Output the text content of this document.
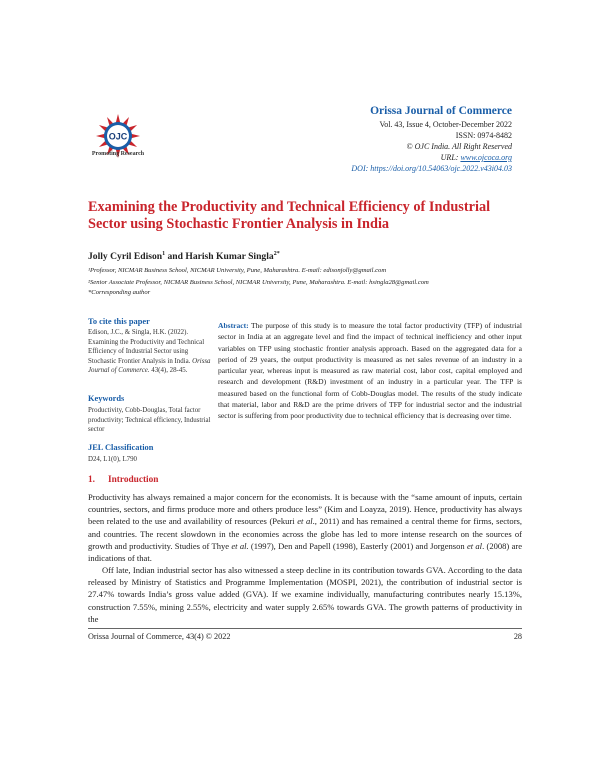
OJC
Promoting Research
Orissa Journal of Commerce
Vol. 43, Issue 4, October-December 2022
ISSN: 0974-8482
© OJC India. All Right Reserved
URL: www.ojcoca.org
DOI: https://doi.org/10.54063/ojc.2022.v43i04.03
Examining the Productivity and Technical Efficiency of Industrial Sector using Stochastic Frontier Analysis in India
Jolly Cyril Edison$^1$ and Harish Kumar Singla$^{2*}$
¹Professor, NICMAR Business School, NICMAR University, Pune, Maharashtra. E-mail: edisonjolly@gmail.com
²Senior Associate Professor, NICMAR Business School, NICMAR University, Pune, Maharashtra. E-mail: hsingla28@gmail.com
*Corresponding author
To cite this paper
Edison, J.C., & Singla, H.K. (2022). Examining the Productivity and Technical Efficiency of Industrial Sector using Stochastic Frontier Analysis in India. Orissa Journal of Commerce. 43(4), 28-45.
Keywords
Productivity, Cobb-Douglas, Total factor productivity; Technical efficiency, Industrial sector
JEL Classification
D24, L1(0), L790
Abstract: The purpose of this study is to measure the total factor productivity (TFP) of industrial sector in India at an aggregate level and find the impact of technical inefficiency and other input variables on TFP using stochastic frontier analysis approach. Based on the aggregated data for a period of 29 years, the output productivity is measured as net sales revenue of an industry in a particular year, whereas input is measured as raw material cost, labor cost, capital employed and research and development (R&D) investment of an industry in a particular year. The TFP is measured based on the functional form of Cobb-Douglas model. The results of the study indicate that material, labor and R&D are the prime drivers of TFP for industrial sector and the industrial sector is suffering from poor productivity due to technical efficiency that is decreasing over time.
1. Introduction

Productivity has always remained a major concern for the economists. It is because with the “same amount of inputs, certain countries, sectors, and firms produce more and others produce less” (Kim and Loayza, 2019). Hence, productivity has always been related to the use and availability of resources (Pekuri et al., 2011) and has remained a central theme for firms, sectors, and countries. The recent slowdown in the economies across the globe has led to more intense research on the sources of growth and productivity. Studies of Thye et al. (1997), Den and Papell (1998), Easterly (2001) and Jorgenson et al. (2008) are indications of that.

Off late, Indian industrial sector has also witnessed a steep decline in its contribution towards GVA. According to the data released by Ministry of Statistics and Programme Implementation (MOSPI, 2021), the contribution of industrial sector is 27.47% towards India’s gross value added (GVA). If we examine individually, manufacturing contributes nearly 15.13%, construction 7.55%, mining 2.55%, electricity and water supply 2.65% towards GVA. The growth patterns of productivity in the

Orissa Journal of Commerce, 43(4) © 2022	28
